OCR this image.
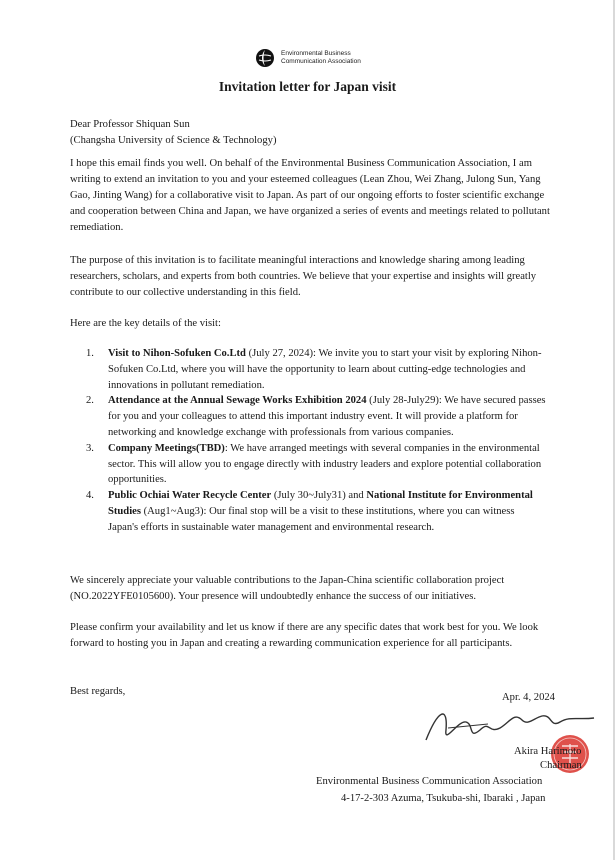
Environmental Business
Communication Association
Invitation letter for Japan visit
Dear Professor Shiquan Sun
(Changsha University of Science & Technology)
I hope this email finds you well. On behalf of the Environmental Business Communication Association, I am writing to extend an invitation to you and your esteemed colleagues (Lean Zhou, Wei Zhang, Julong Sun, Yang Gao, Jinting Wang) for a collaborative visit to Japan. As part of our ongoing efforts to foster scientific exchange and cooperation between China and Japan, we have organized a series of events and meetings related to pollutant remediation.
The purpose of this invitation is to facilitate meaningful interactions and knowledge sharing among leading researchers, scholars, and experts from both countries. We believe that your expertise and insights will greatly contribute to our collective understanding in this field.
Here are the key details of the visit:
1. Visit to Nihon-Sofuken Co.Ltd (July 27, 2024): We invite you to start your visit by exploring Nihon-Sofuken Co.Ltd, where you will have the opportunity to learn about cutting-edge technologies and innovations in pollutant remediation.
2. Attendance at the Annual Sewage Works Exhibition 2024 (July 28-July29): We have secured passes for you and your colleagues to attend this important industry event. It will provide a platform for networking and knowledge exchange with professionals from various companies.
3. Company Meetings(TBD): We have arranged meetings with several companies in the environmental sector. This will allow you to engage directly with industry leaders and explore potential collaboration opportunities.
4. Public Ochiai Water Recycle Center (July 30~July31) and National Institute for Environmental Studies (Aug1~Aug3): Our final stop will be a visit to these institutions, where you can witness Japan's efforts in sustainable water management and environmental research.
We sincerely appreciate your valuable contributions to the Japan-China scientific collaboration project (NO.2022YFE0105600). Your presence will undoubtedly enhance the success of our initiatives.
Please confirm your availability and let us know if there are any specific dates that work best for you. We look forward to hosting you in Japan and creating a rewarding communication experience for all participants.
Best regards,
Apr. 4, 2024
Akira Harimoto
Chairman
Environmental Business Communication Association
4-17-2-303 Azuma, Tsukuba-shi, Ibaraki , Japan
